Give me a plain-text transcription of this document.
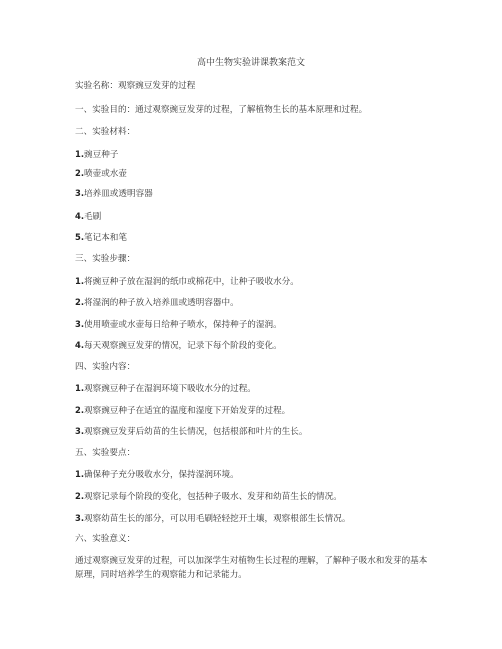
高中生物实验讲课教案范文
实验名称：观察豌豆发芽的过程
一、实验目的：通过观察豌豆发芽的过程，了解植物生长的基本原理和过程。
二、实验材料：
1.豌豆种子
2.喷壶或水壶
3.培养皿或透明容器
4.毛刷
5.笔记本和笔
三、实验步骤：
1.将豌豆种子放在湿润的纸巾或棉花中，让种子吸收水分。
2.将湿润的种子放入培养皿或透明容器中。
3.使用喷壶或水壶每日给种子喷水，保持种子的湿润。
4.每天观察豌豆发芽的情况，记录下每个阶段的变化。
四、实验内容：
1.观察豌豆种子在湿润环境下吸收水分的过程。
2.观察豌豆种子在适宜的温度和湿度下开始发芽的过程。
3.观察豌豆发芽后幼苗的生长情况，包括根部和叶片的生长。
五、实验要点：
1.确保种子充分吸收水分，保持湿润环境。
2.观察记录每个阶段的变化，包括种子吸水、发芽和幼苗生长的情况。
3.观察幼苗生长的部分，可以用毛刷轻轻挖开土壤，观察根部生长情况。
六、实验意义：
通过观察豌豆发芽的过程，可以加深学生对植物生长过程的理解，了解种子吸水和发芽的基本原理，同时培养学生的观察能力和记录能力。
